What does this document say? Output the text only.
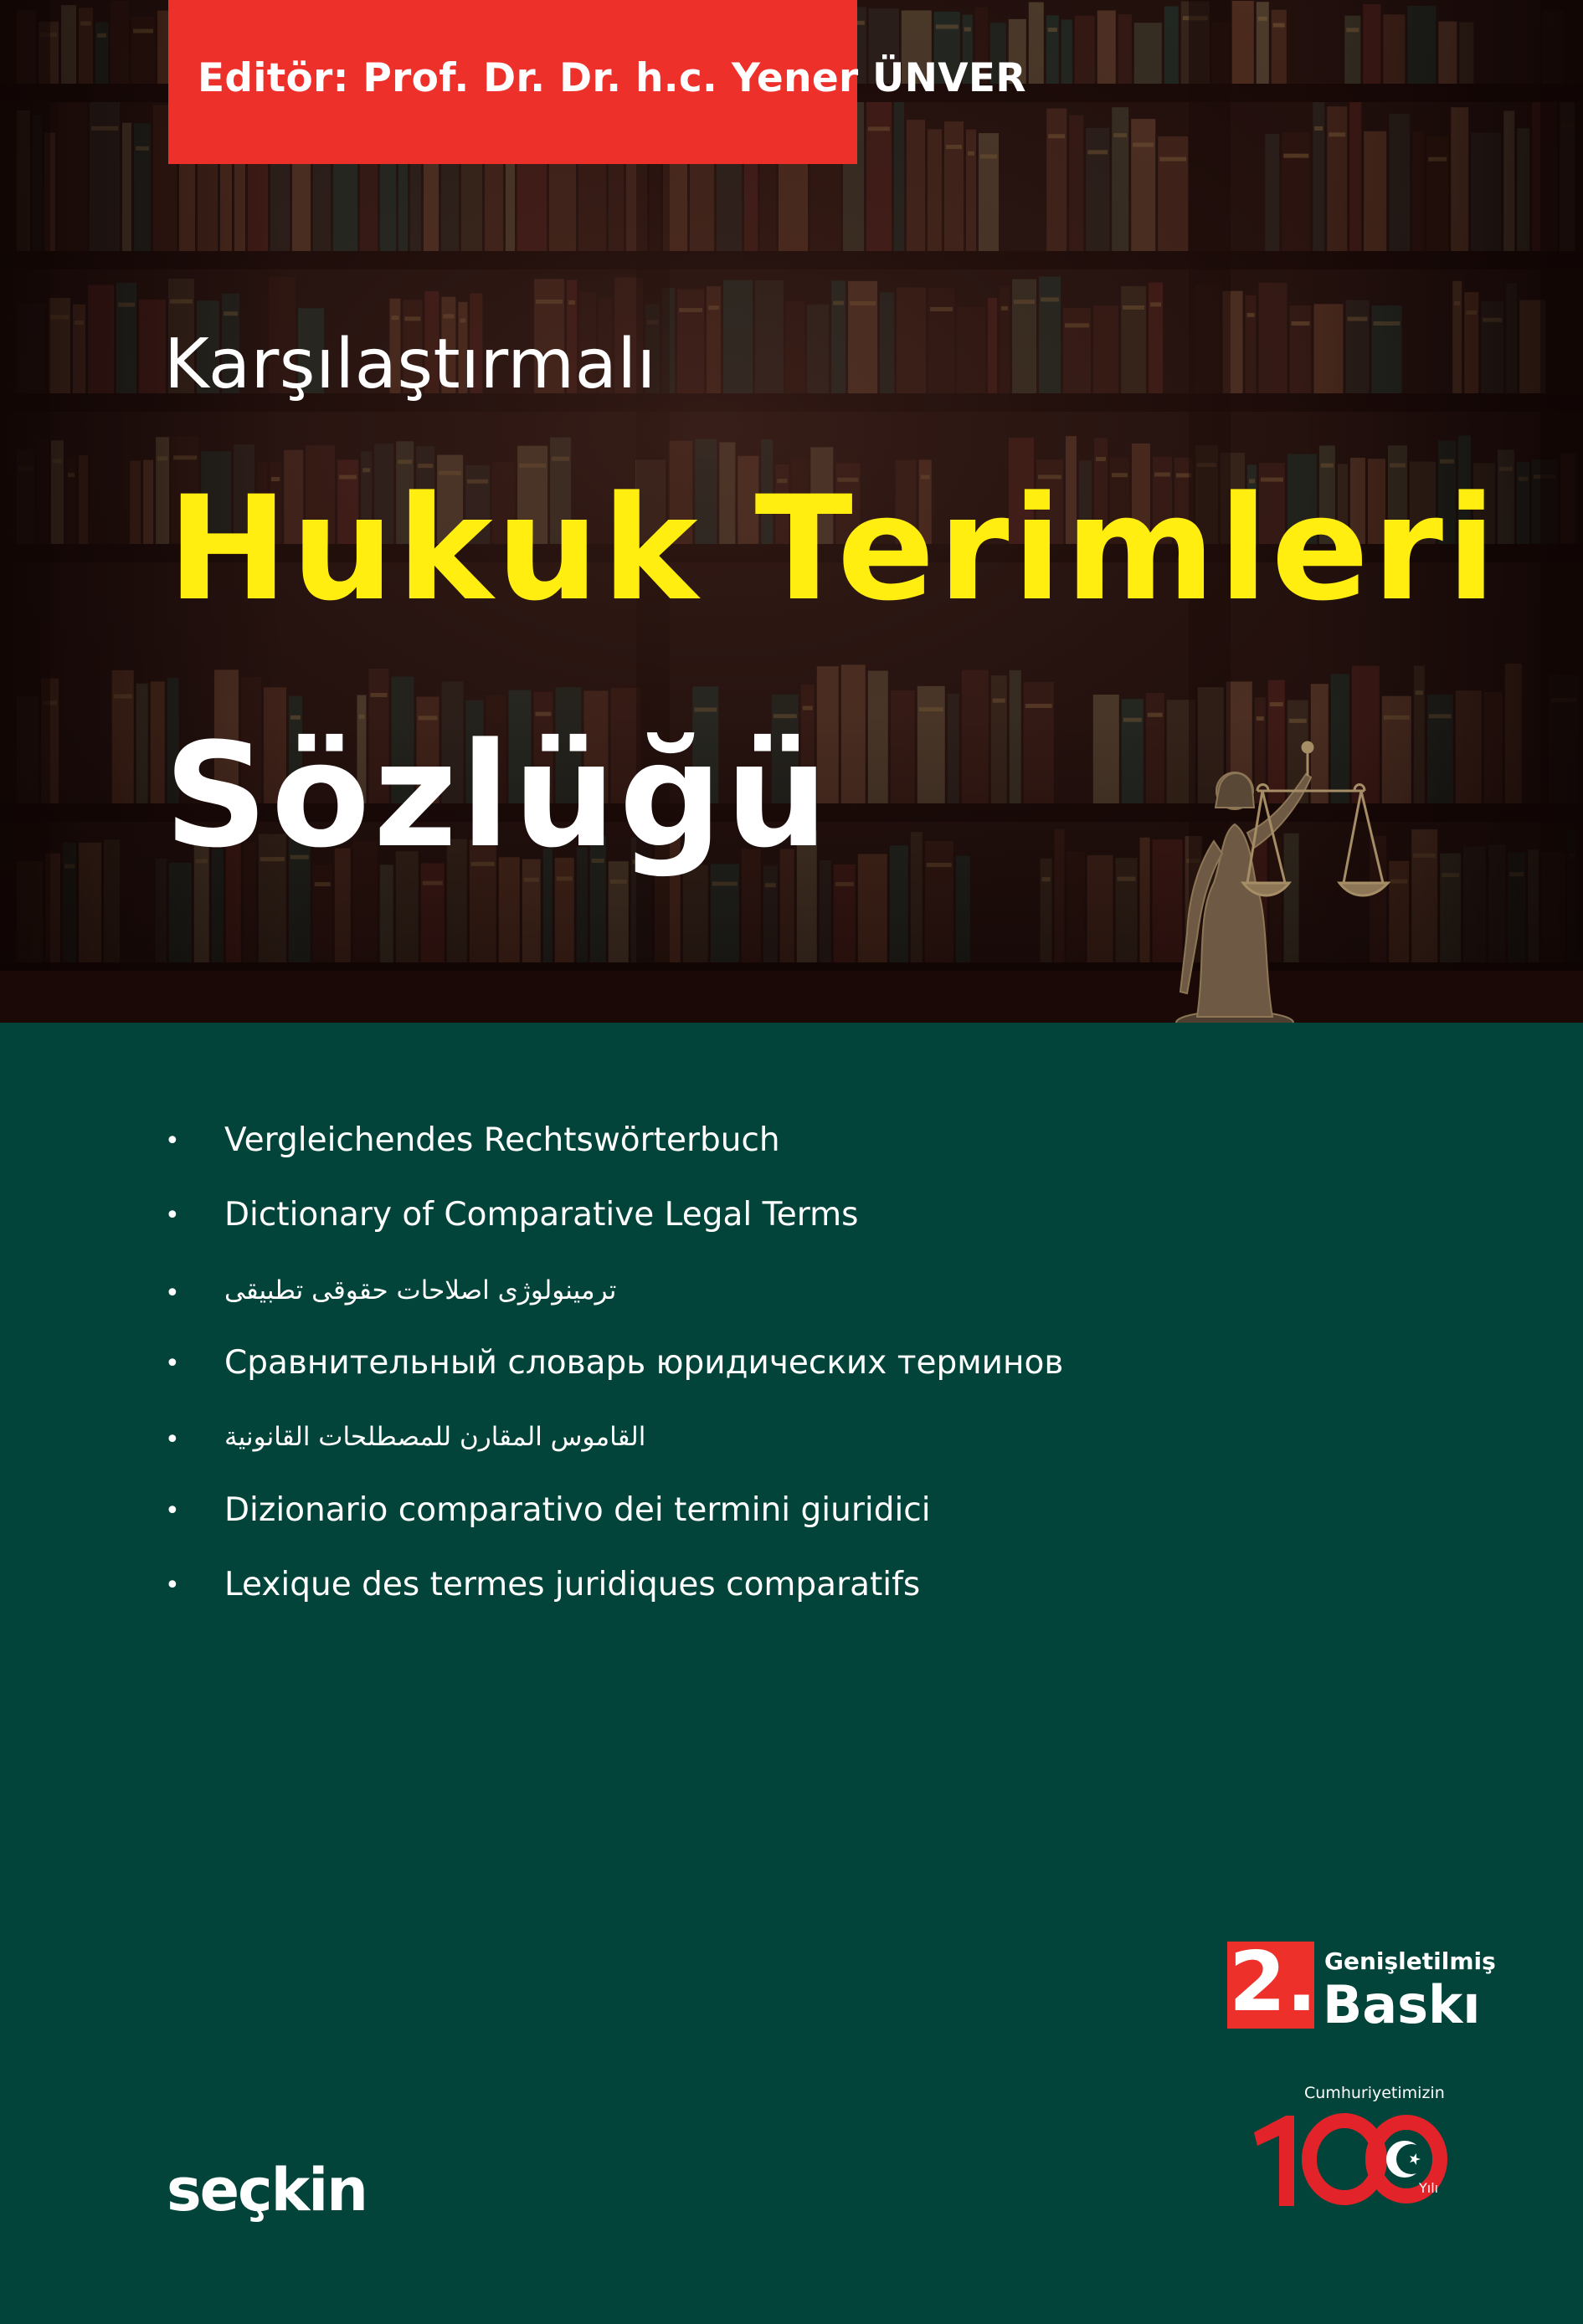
Editör: Prof. Dr. Dr. h.c. Yener ÜNVER
Karşılaştırmalı
Hukuk Terimleri
Sözlüğü
• Vergleichendes Rechtswörterbuch
• Dictionary of Comparative Legal Terms
• ترمينولوژى اصلاحات حقوقى تطبيقى
• Сравнительный словарь юридических терминов
• القاموس المقارن للمصطلحات القانونية
• Dizionario comparativo dei termini giuridici
• Lexique des termes juridiques comparatifs
2. Genişletilmiş
Baskı
Cumhuriyetimizin
Yılı
seçkin
